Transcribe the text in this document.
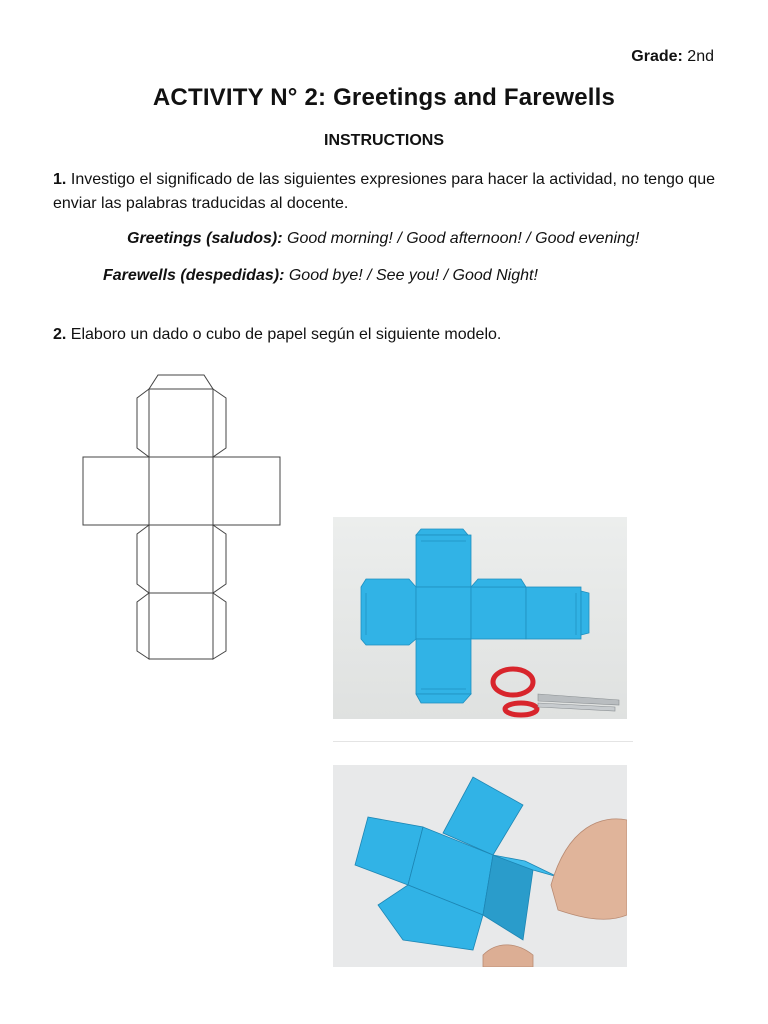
Grade: 2nd
ACTIVITY N° 2: Greetings and Farewells
INSTRUCTIONS
1. Investigo el significado de las siguientes expresiones para hacer la actividad, no tengo que enviar las palabras traducidas al docente.
Greetings (saludos): Good morning! / Good afternoon! / Good evening!
Farewells (despedidas): Good bye! / See you! / Good Night!
2. Elaboro un dado o cubo de papel según el siguiente modelo.
